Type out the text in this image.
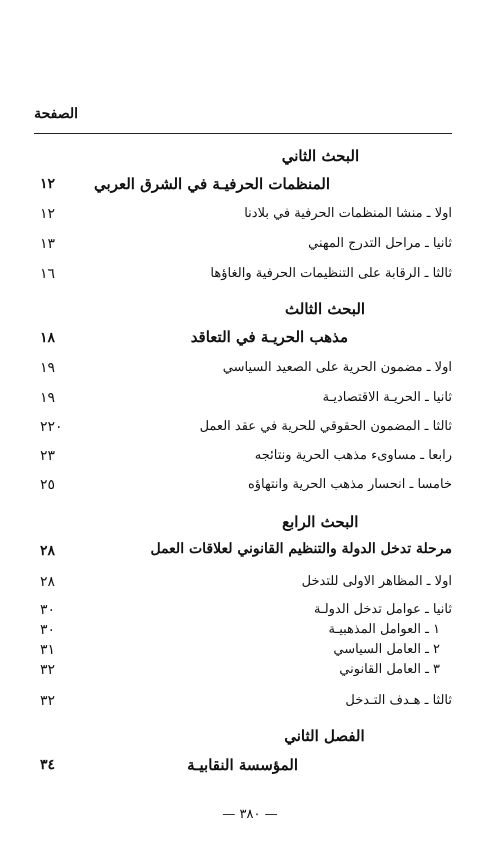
الصفحة
البحث الثاني
المنظمات الحرفيـة في الشرق العربي
١٢
اولا ـ منشا المنظمات الحرفية في بلادنا
١٢
ثانيا ـ مراحل التدرج المهني
١٣
ثالثا ـ الرقابة على التنظيمات الحرفية والغاؤها
١٦
البحث الثالث
مذهب الحريـة في التعاقد
١٨
اولا ـ مضمون الحرية على الصعيد السياسي
١٩
ثانيا ـ الحريـة الاقتصاديـة
١٩
ثالثا ـ المضمون الحقوقي للحرية في عقد العمل
٢٢٠
رابعا ـ مساوىء مذهب الحرية ونتائجه
٢٣
خامسا ـ انحسار مذهب الحرية وانتهاؤه
٢٥
البحث الرابع
مرحلة تدخل الدولة والتنظيم القانوني لعلاقات العمل
٢٨
اولا ـ المظاهر الاولى للتدخل
٢٨
ثانيا ـ عوامل تدخل الدولـة
٣٠
١ ـ العوامل المذهبيـة
٣٠
٢ ـ العامل السياسي
٣١
٣ ـ العامل القانوني
٣٢
ثالثا ـ هـدف التـدخل
٣٢
الفصل الثاني
المؤسسة النقابيـة
٣٤
— ٣٨٠ —
